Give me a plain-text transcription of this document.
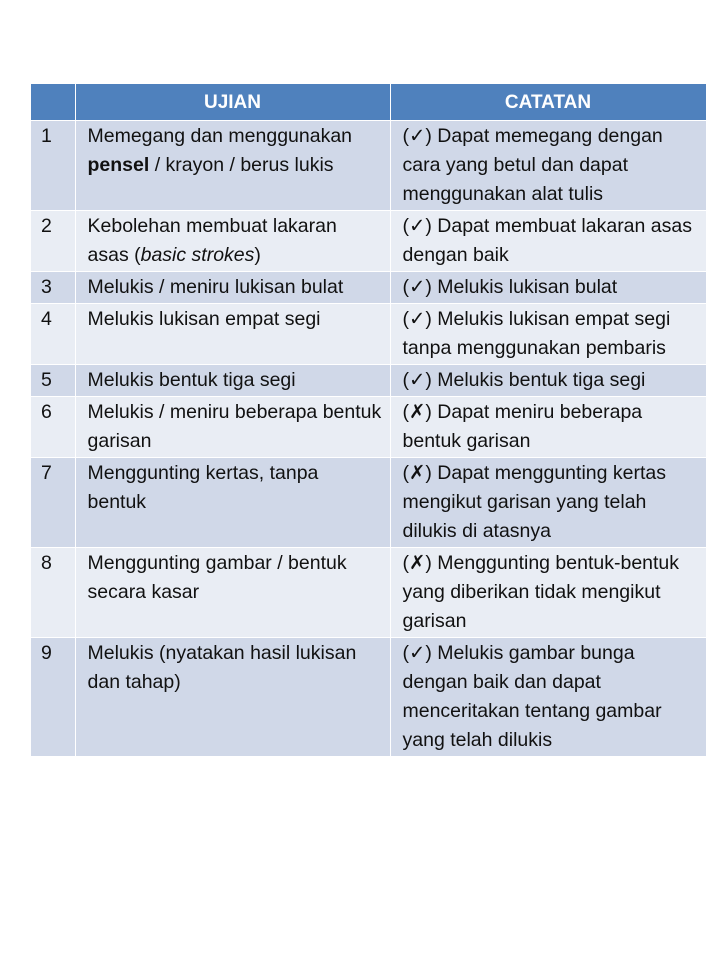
	UJIAN	CATATAN
1	Memegang dan menggunakan pensel / krayon / berus lukis	(✓) Dapat memegang dengan cara yang betul dan dapat menggunakan alat tulis
2	Kebolehan membuat lakaran asas (basic strokes)	(✓) Dapat membuat lakaran asas dengan baik
3	Melukis / meniru lukisan bulat	(✓) Melukis lukisan bulat
4	Melukis lukisan empat segi	(✓) Melukis lukisan empat segi tanpa menggunakan pembaris
5	Melukis bentuk tiga segi	(✓) Melukis bentuk tiga segi
6	Melukis / meniru beberapa bentuk garisan	(✗) Dapat meniru beberapa bentuk garisan
7	Menggunting kertas, tanpa bentuk	(✗) Dapat menggunting kertas mengikut garisan yang telah dilukis di atasnya
8	Menggunting gambar / bentuk secara kasar	(✗) Menggunting bentuk-bentuk yang diberikan tidak mengikut garisan
9	Melukis (nyatakan hasil lukisan dan tahap)	(✓) Melukis gambar bunga dengan baik dan dapat menceritakan tentang gambar yang telah dilukis
